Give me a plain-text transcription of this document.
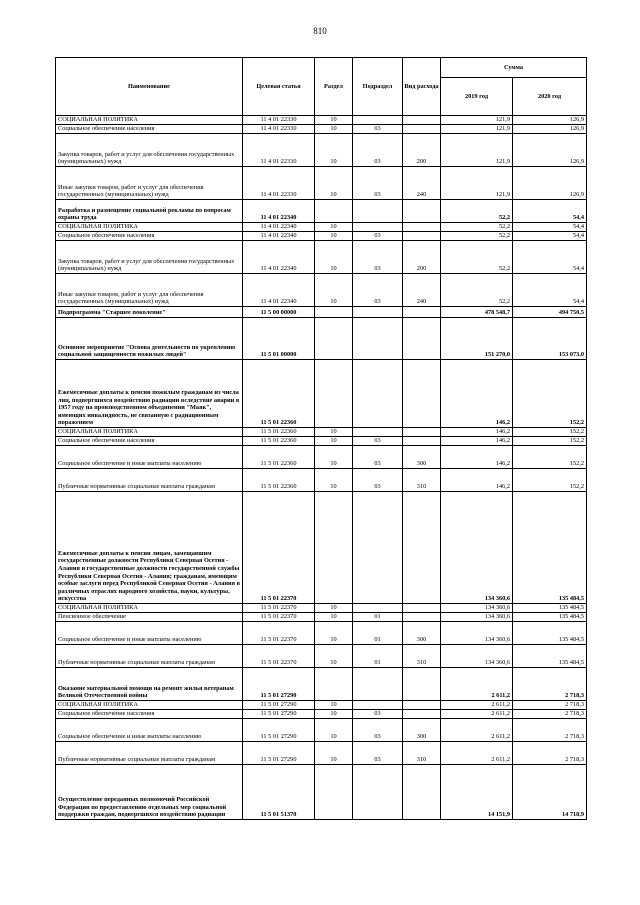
810
Наименование	Целевая статья	Раздел	Подраздел	Вид расхода	Сумма	
					2019 год	2020 год
СОЦИАЛЬНАЯ ПОЛИТИКА	11 4 01 22330	10			121,9	126,9
Социальное обеспечение населения	11 4 01 22330	10	03		121,9	126,9
Закупка товаров, работ и услуг для обеспечения государственных (муниципальных) нужд	11 4 01 22330	10	03	200	121,9	126,9
Иные закупки товаров, работ и услуг для обеспечения государственных (муниципальных) нужд	11 4 01 22330	10	03	240	121,9	126,9
Разработка и размещение социальной рекламы по вопросам охраны труда	11 4 01 22340				52,2	54,4
СОЦИАЛЬНАЯ ПОЛИТИКА	11 4 01 22340	10			52,2	54,4
Социальное обеспечение населения	11 4 01 22340	10	03		52,2	54,4
Закупка товаров, работ и услуг для обеспечения государственных (муниципальных) нужд	11 4 01 22340	10	03	200	52,2	54,4
Иные закупки товаров, работ и услуг для обеспечения государственных (муниципальных) нужд	11 4 01 22340	10	03	240	52,2	54,4
Подпрограмма "Старшее поколение"	11 5 00 00000				478 548,7	494 750,5
Основное мероприятие "Основа деятельности по укреплению социальной защищенности пожилых людей"	11 5 01 00000				151 270,0	153 073,0
Ежемесячные доплаты к пенсии пожилым гражданам из числа лиц, подвергшихся воздействию радиации вследствие аварии в 1957 году на производственном объединении "Маяк", имеющих инвалидность, не связанную с радиационным поражением	11 5 01 22360				146,2	152,2
СОЦИАЛЬНАЯ ПОЛИТИКА	11 5 01 22360	10			146,2	152,2
Социальное обеспечение населения	11 5 01 22360	10	03		146,2	152,2
Социальное обеспечение и иные выплаты населению	11 5 01 22360	10	03	300	146,2	152,2
Публичные нормативные социальные выплаты гражданам	11 5 01 22360	10	03	310	146,2	152,2
Ежемесячные доплаты к пенсии лицам, замещавшим государственные должности Республики Северная Осетия - Алания и государственные должности государственной службы Республики Северная Осетия - Алания; гражданам, имеющим особые заслуги перед Республикой Северная Осетия - Алания в различных отраслях народного хозяйства, науки, культуры, искусства	11 5 01 22370				134 360,6	135 484,5
СОЦИАЛЬНАЯ ПОЛИТИКА	11 5 01 22370	10			134 360,6	135 484,5
Пенсионное обеспечение	11 5 01 22370	10	01		134 360,6	135 484,5
Социальное обеспечение и иные выплаты населению	11 5 01 22370	10	01	300	134 360,6	135 484,5
Публичные нормативные социальные выплаты гражданам	11 5 01 22370	10	01	310	134 360,6	135 484,5
Оказание материальной помощи на ремонт жилья ветеранам Великой Отечественной войны	11 5 01 27290				2 611,2	2 718,3
СОЦИАЛЬНАЯ ПОЛИТИКА	11 5 01 27290	10			2 611,2	2 718,3
Социальное обеспечение населения	11 5 01 27290	10	03		2 611,2	2 718,3
Социальное обеспечение и иные выплаты населению	11 5 01 27290	10	03	300	2 611,2	2 718,3
Публичные нормативные социальные выплаты гражданам	11 5 01 27290	10	03	310	2 611,2	2 718,3
Осуществление переданных полномочий Российской Федерации по предоставлению отдельных мер социальной поддержки граждан, подвергшихся воздействию радиации	11 5 01 51370				14 151,9	14 718,9
